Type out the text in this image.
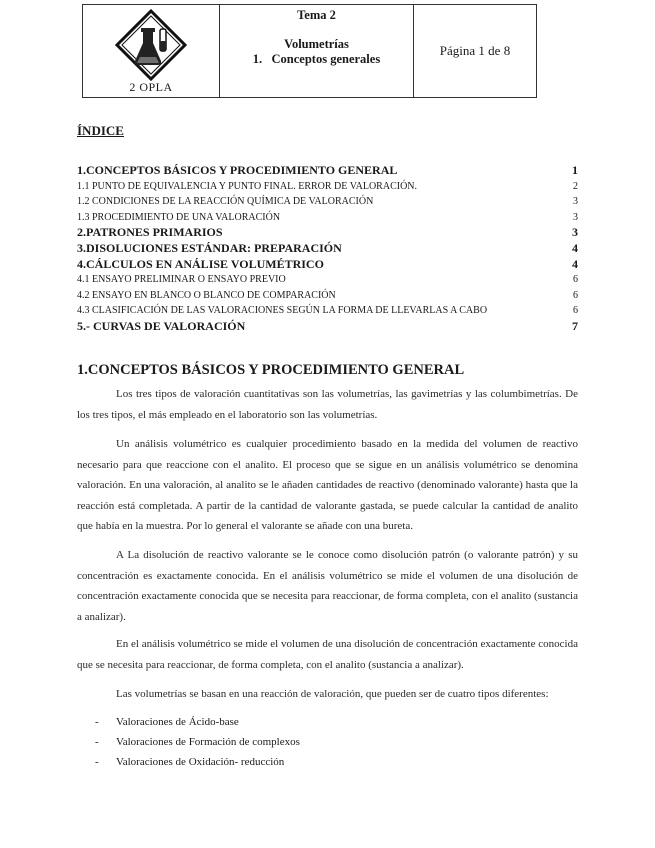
2 OPLA
Tema 2
Volumetrías
1.   Conceptos generales
Página 1 de 8
ÍNDICE
1.CONCEPTOS BÁSICOS Y PROCEDIMIENTO GENERAL	1
1.1 PUNTO DE EQUIVALENCIA Y PUNTO FINAL. ERROR DE VALORACIÓN.	2
1.2 CONDICIONES DE LA REACCIÓN QUÍMICA DE VALORACIÓN	3
1.3 PROCEDIMIENTO DE UNA VALORACIÓN	3
2.PATRONES PRIMARIOS	3
3.DISOLUCIONES ESTÁNDAR: PREPARACIÓN	4
4.CÁLCULOS EN ANÁLISE VOLUMÉTRICO	4
4.1 ENSAYO PRELIMINAR O ENSAYO PREVIO	6
4.2 ENSAYO EN BLANCO O BLANCO DE COMPARACIÓN	6
4.3 CLASIFICACIÓN DE LAS VALORACIONES SEGÚN LA FORMA DE LLEVARLAS A CABO	6
5.- CURVAS DE VALORACIÓN	7
1.CONCEPTOS BÁSICOS Y PROCEDIMIENTO GENERAL
Los tres tipos de valoración cuantitativas son las volumetrías, las gavimetrías y las columbimetrías. De los tres tipos, el más empleado en el laboratorio son las volumetrías.
Un análisis volumétrico es cualquier procedimiento basado en la medida del volumen de reactivo necesario para que reaccione con el analito. El proceso que se sigue en un análisis volumétrico se denomina valoración. En una valoración, al analito se le añaden cantidades de reactivo (denominado valorante) hasta que la reacción está completada. A partir de la cantidad de valorante gastada, se puede calcular la cantidad de analito que había en la muestra. Por lo general el valorante se añade con una bureta.
A La disolución de reactivo valorante se le conoce como disolución patrón (o valorante patrón) y su concentración es exactamente conocida. En el análisis volumétrico se mide el volumen de una disolución de concentración exactamente conocida que se necesita para reaccionar, de forma completa, con el analito (sustancia a analizar).
En el análisis volumétrico se mide el volumen de una disolución de concentración exactamente conocida que se necesita para reaccionar, de forma completa, con el analito (sustancia a analizar).
Las volumetrías se basan en una reacción de valoración, que pueden ser de cuatro tipos diferentes:
-	Valoraciones de Ácido-base
-	Valoraciones de Formación de complexos
-	Valoraciones de Oxidación- reducción
